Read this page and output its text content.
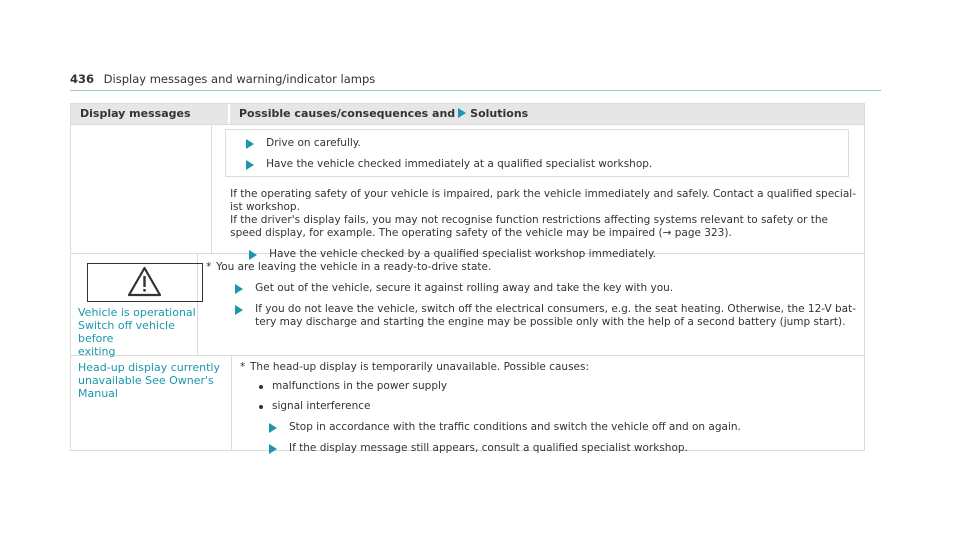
436 Display messages and warning/indicator lamps
Display messages	Possible causes/consequences and Solutions
Drive on carefully.
Have the vehicle checked immediately at a qualified specialist workshop.
If the operating safety of your vehicle is impaired, park the vehicle immediately and safely. Contact a qualified special-
ist workshop.
If the driver's display fails, you may not recognise function restrictions affecting systems relevant to safety or the
speed display, for example. The operating safety of the vehicle may be impaired (→ page 323).
Have the vehicle checked by a qualified specialist workshop immediately.
Vehicle is operational
Switch off vehicle before
exiting
* You are leaving the vehicle in a ready-to-drive state.
Get out of the vehicle, secure it against rolling away and take the key with you.
If you do not leave the vehicle, switch off the electrical consumers, e.g. the seat heating. Otherwise, the 12-V bat-
tery may discharge and starting the engine may be possible only with the help of a second battery (jump start).
Head-up display currently
unavailable See Owner's
Manual
* The head-up display is temporarily unavailable. Possible causes:
malfunctions in the power supply
signal interference
Stop in accordance with the traffic conditions and switch the vehicle off and on again.
If the display message still appears, consult a qualified specialist workshop.
